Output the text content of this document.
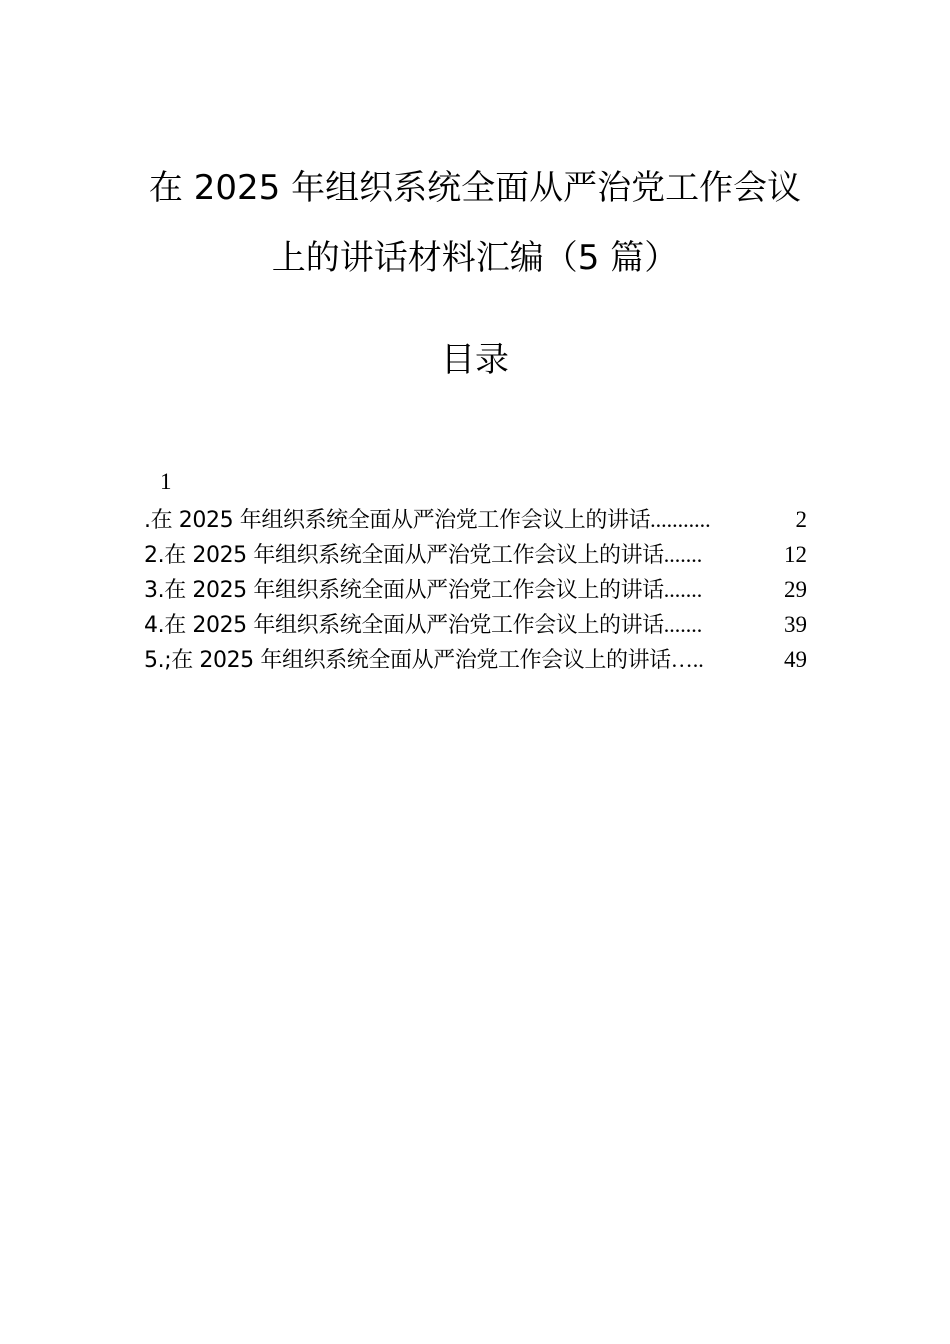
在 2025 年组织系统全面从严治党工作会议
上的讲话材料汇编（5 篇）
目录
1
.在 2025 年组织系统全面从严治党工作会议上的讲话 ...........	2
2.在 2025 年组织系统全面从严治党工作会议上的讲话 .......	12
3.在 2025 年组织系统全面从严治党工作会议上的讲话 .......	29
4.在 2025 年组织系统全面从严治党工作会议上的讲话 .......	39
5.;在 2025 年组织系统全面从严治党工作会议上的讲话 …..	49
